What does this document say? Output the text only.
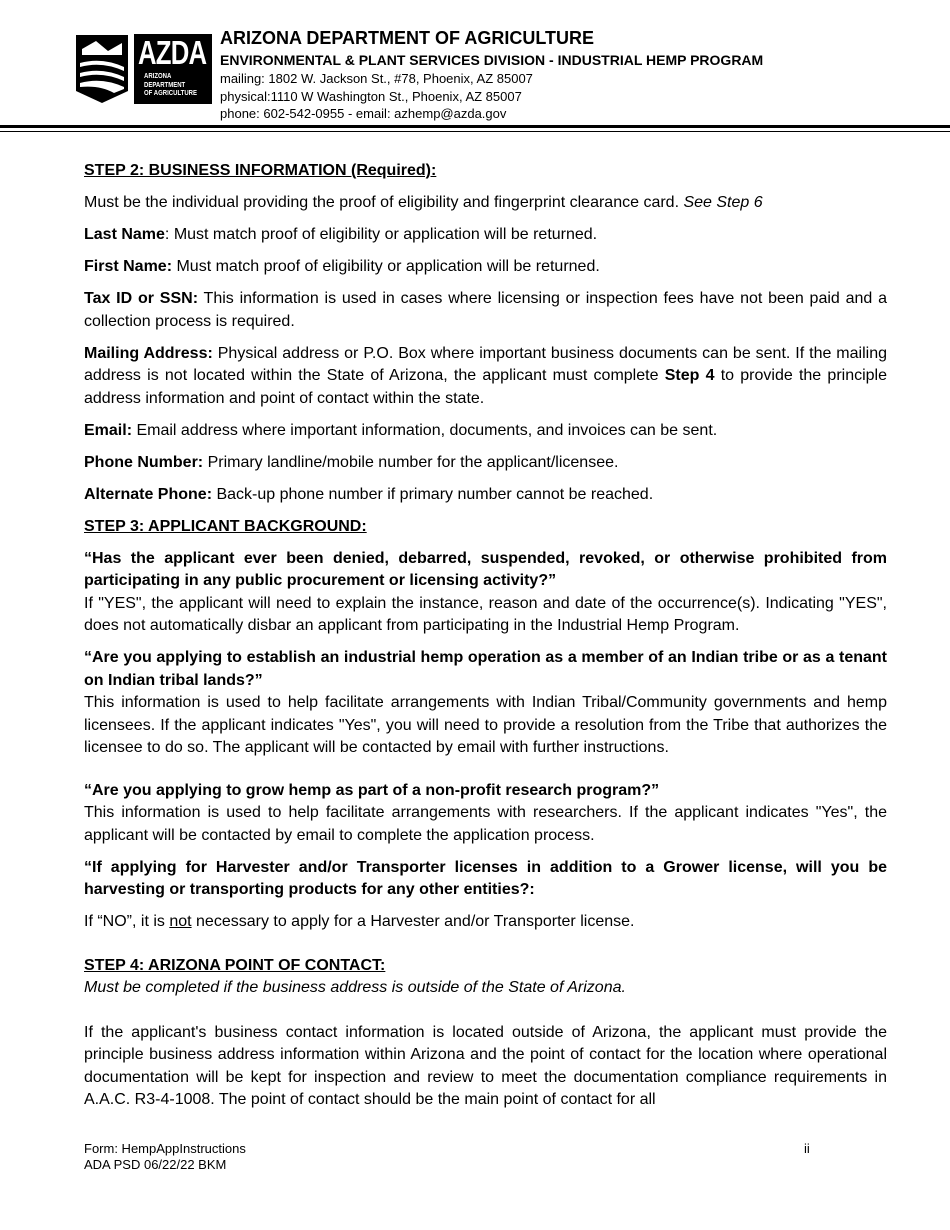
AZDA
ARIZONA
DEPARTMENT
OF AGRICULTURE
ARIZONA DEPARTMENT OF AGRICULTURE
ENVIRONMENTAL & PLANT SERVICES DIVISION - INDUSTRIAL HEMP PROGRAM
mailing: 1802 W. Jackson St., #78, Phoenix, AZ 85007
physical:1110 W Washington St., Phoenix, AZ 85007
phone: 602-542-0955 - email: azhemp@azda.gov
STEP 2: BUSINESS INFORMATION (Required):

Must be the individual providing the proof of eligibility and fingerprint clearance card. See Step 6

Last Name: Must match proof of eligibility or application will be returned.

First Name: Must match proof of eligibility or application will be returned.

Tax ID or SSN: This information is used in cases where licensing or inspection fees have not been paid and a collection process is required.

Mailing Address: Physical address or P.O. Box where important business documents can be sent. If the mailing address is not located within the State of Arizona, the applicant must complete Step 4 to provide the principle address information and point of contact within the state.

Email: Email address where important information, documents, and invoices can be sent.

Phone Number: Primary landline/mobile number for the applicant/licensee.

Alternate Phone: Back-up phone number if primary number cannot be reached.

STEP 3: APPLICANT BACKGROUND:

“Has the applicant ever been denied, debarred, suspended, revoked, or otherwise prohibited from participating in any public procurement or licensing activity?”

If "YES", the applicant will need to explain the instance, reason and date of the occurrence(s). Indicating "YES", does not automatically disbar an applicant from participating in the Industrial Hemp Program.

“Are you applying to establish an industrial hemp operation as a member of an Indian tribe or as a tenant on Indian tribal lands?”

This information is used to help facilitate arrangements with Indian Tribal/Community governments and hemp licensees. If the applicant indicates "Yes", you will need to provide a resolution from the Tribe that authorizes the licensee to do so. The applicant will be contacted by email with further instructions.

“Are you applying to grow hemp as part of a non-profit research program?”

This information is used to help facilitate arrangements with researchers. If the applicant indicates "Yes", the applicant will be contacted by email to complete the application process.

“If applying for Harvester and/or Transporter licenses in addition to a Grower license, will you be harvesting or transporting products for any other entities?:

If “NO”, it is not necessary to apply for a Harvester and/or Transporter license.

STEP 4: ARIZONA POINT OF CONTACT:

Must be completed if the business address is outside of the State of Arizona.

If the applicant's business contact information is located outside of Arizona, the applicant must provide the principle business address information within Arizona and the point of contact for the location where operational documentation will be kept for inspection and review to meet the documentation compliance requirements in A.A.C. R3-4-1008. The point of contact should be the main point of contact for all

Form: HempAppInstructions
ADA PSD 06/22/22 BKM
ii
